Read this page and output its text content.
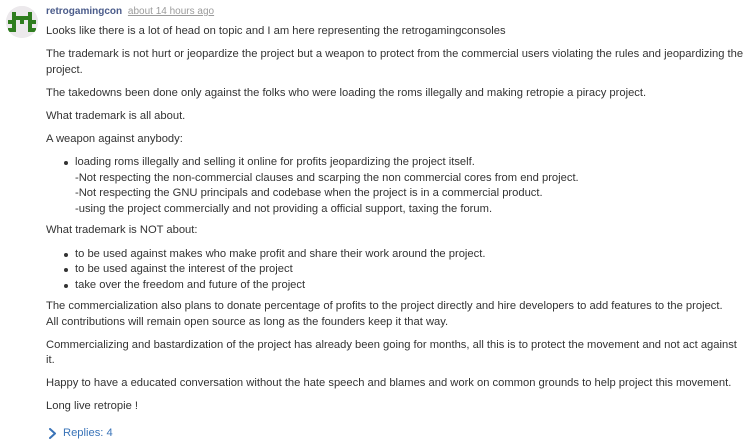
retrogamingcon about 14 hours ago

Looks like there is a lot of head on topic and I am here representing the retrogamingconsoles

The trademark is not hurt or jeopardize the project but a weapon to protect from the commercial users violating the rules and jeopardizing the project.

The takedowns been done only against the folks who were loading the roms illegally and making retropie a piracy project.

What trademark is all about.

A weapon against anybody:

loading roms illegally and selling it online for profits jeopardizing the project itself.
-Not respecting the non-commercial clauses and scarping the non commercial cores from end project.
-Not respecting the GNU principals and codebase when the project is in a commercial product.
-using the project commercially and not providing a official support, taxing the forum.

What trademark is NOT about:

to be used against makes who make profit and share their work around the project.
to be used against the interest of the project
take over the freedom and future of the project

The commercialization also plans to donate percentage of profits to the project directly and hire developers to add features to the project.
All contributions will remain open source as long as the founders keep it that way.

Commercializing and bastardization of the project has already been going for months, all this is to protect the movement and not act against it.

Happy to have a educated conversation without the hate speech and blames and work on common grounds to help project this movement.

Long live retropie !

Replies: 4
